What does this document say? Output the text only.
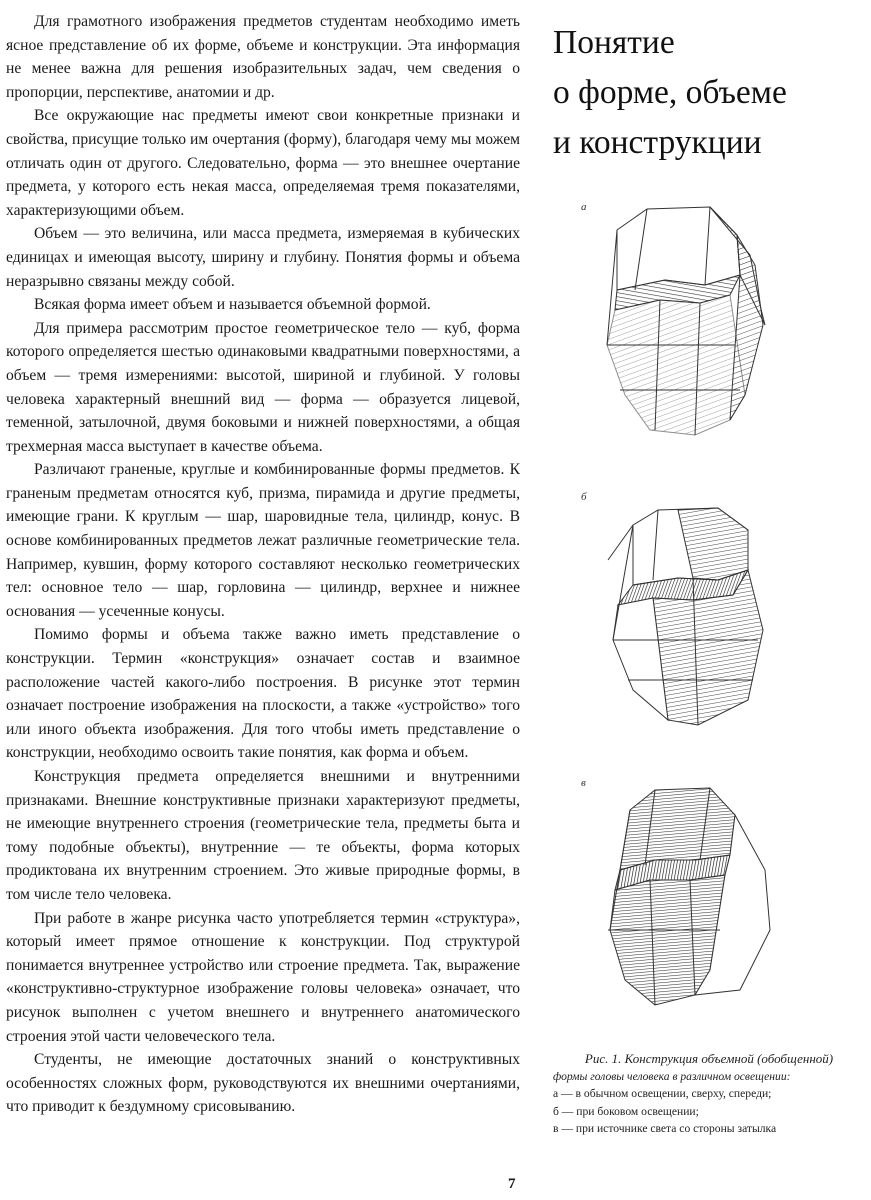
Для грамотного изображения предметов студентам необходимо иметь ясное представление об их форме, объеме и конструкции. Эта информация не менее важна для решения изобразительных задач, чем сведения о пропорции, перспективе, анатомии и др.

Все окружающие нас предметы имеют свои конкретные признаки и свойства, присущие только им очертания (форму), благодаря чему мы можем отличать один от другого. Следовательно, форма — это внешнее очертание предмета, у которого есть некая масса, определяемая тремя показателями, характеризующими объем.

Объем — это величина, или масса предмета, измеряемая в кубических единицах и имеющая высоту, ширину и глубину. Понятия формы и объема неразрывно связаны между собой.

Всякая форма имеет объем и называется объемной формой.

Для примера рассмотрим простое геометрическое тело — куб, форма которого определяется шестью одинаковыми квадратными поверхностями, а объем — тремя измерениями: высотой, шириной и глубиной. У головы человека характерный внешний вид — форма — образуется лицевой, теменной, затылочной, двумя боковыми и нижней поверхностями, а общая трехмерная масса выступает в качестве объема.

Различают граненые, круглые и комбинированные формы предметов. К граненым предметам относятся куб, призма, пирамида и другие предметы, имеющие грани. К круглым — шар, шаровидные тела, цилиндр, конус. В основе комбинированных предметов лежат различные геометрические тела. Например, кувшин, форму которого составляют несколько геометрических тел: основное тело — шар, горловина — цилиндр, верхнее и нижнее основания — усеченные конусы.

Помимо формы и объема также важно иметь представление о конструкции. Термин «конструкция» означает состав и взаимное расположение частей какого-либо построения. В рисунке этот термин означает построение изображения на плоскости, а также «устройство» того или иного объекта изображения. Для того чтобы иметь представление о конструкции, необходимо освоить такие понятия, как форма и объем.

Конструкция предмета определяется внешними и внутренними признаками. Внешние конструктивные признаки характеризуют предметы, не имеющие внутреннего строения (геометрические тела, предметы быта и тому подобные объекты), внутренние — те объекты, форма которых продиктована их внутренним строением. Это живые природные формы, в том числе тело человека.

При работе в жанре рисунка часто употребляется термин «структура», который имеет прямое отношение к конструкции. Под структурой понимается внутреннее устройство или строение предмета. Так, выражение «конструктивно-структурное изображение головы человека» означает, что рисунок выполнен с учетом внешнего и внутреннего анатомического строения этой части человеческого тела.

Студенты, не имеющие достаточных знаний о конструктивных особенностях сложных форм, руководствуются их внешними очертаниями, что приводит к бездумному срисовыванию.

Понятие
о форме, объеме
и конструкции
а
б
в
Рис. 1. Конструкция объемной (обобщенной)
формы головы человека в различном освещении:
а — в обычном освещении, сверху, спереди;
б — при боковом освещении;
в — при источнике света со стороны затылка
7
